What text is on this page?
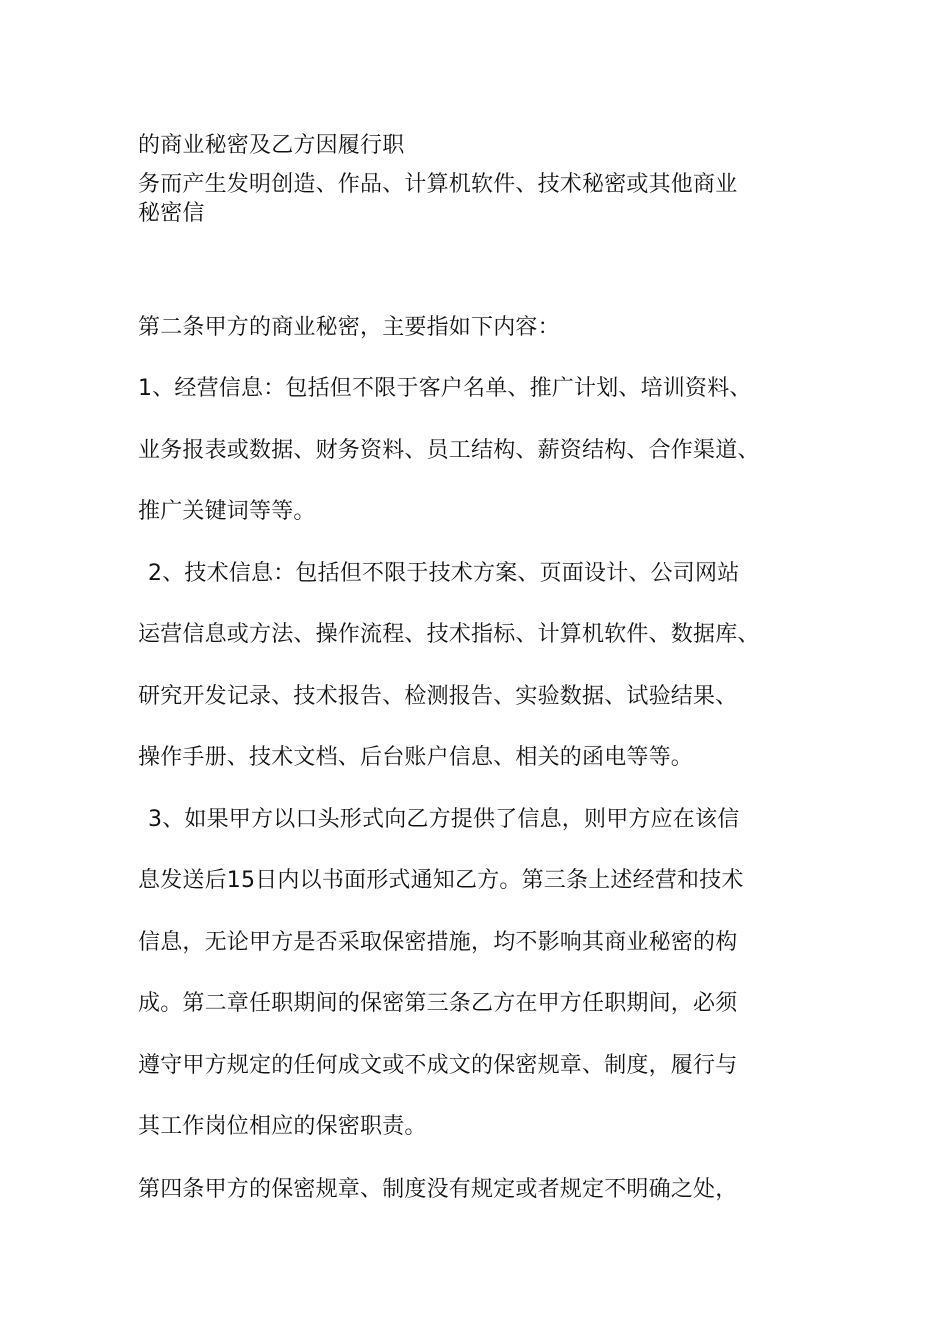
的商业秘密及乙方因履行职
务而产生发明创造、作品、计算机软件、技术秘密或其他商业
秘密信
第二条甲方的商业秘密，主要指如下内容：
1、经营信息：包括但不限于客户名单、推广计划、培训资料、
业务报表或数据、财务资料、员工结构、薪资结构、合作渠道、
推广关键词等等。
2、技术信息：包括但不限于技术方案、页面设计、公司网站
运营信息或方法、操作流程、技术指标、计算机软件、数据库、
研究开发记录、技术报告、检测报告、实验数据、试验结果、
操作手册、技术文档、后台账户信息、相关的函电等等。
3、如果甲方以口头形式向乙方提供了信息，则甲方应在该信
息发送后15日内以书面形式通知乙方。第三条上述经营和技术
信息，无论甲方是否采取保密措施，均不影响其商业秘密的构
成。第二章任职期间的保密第三条乙方在甲方任职期间，必须
遵守甲方规定的任何成文或不成文的保密规章、制度，履行与
其工作岗位相应的保密职责。
第四条甲方的保密规章、制度没有规定或者规定不明确之处，
